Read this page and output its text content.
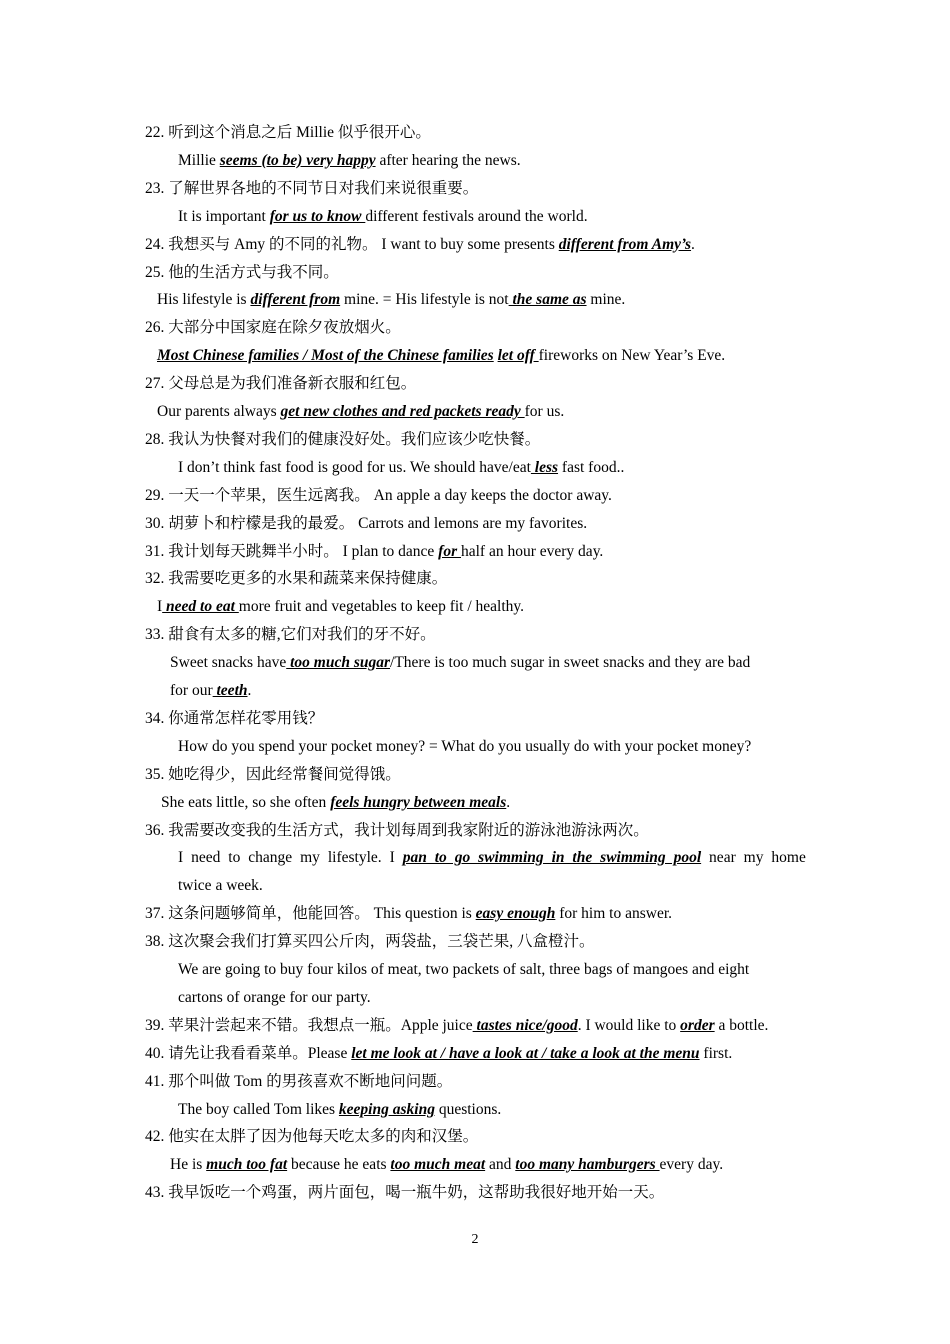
22. 听到这个消息之后 Millie 似乎很开心。
Millie seems (to be) very happy after hearing the news.
23. 了解世界各地的不同节日对我们来说很重要。
It is important for us to know different festivals around the world.
24. 我想买与 Amy 的不同的礼物。 I want to buy some presents different from Amy’s.
25. 他的生活方式与我不同。
His lifestyle is different from mine. = His lifestyle is not the same as mine.
26. 大部分中国家庭在除夕夜放烟火。
Most Chinese families / Most of the Chinese families let off fireworks on New Year’s Eve.
27. 父母总是为我们准备新衣服和红包。
Our parents always get new clothes and red packets ready for us.
28. 我认为快餐对我们的健康没好处。我们应该少吃快餐。
I don’t think fast food is good for us. We should have/eat less fast food..
29. 一天一个苹果，医生远离我。 An apple a day keeps the doctor away.
30. 胡萝卜和柠檬是我的最爱。 Carrots and lemons are my favorites.
31. 我计划每天跳舞半小时。 I plan to dance for half an hour every day.
32. 我需要吃更多的水果和蔬菜来保持健康。
I need to eat more fruit and vegetables to keep fit / healthy.
33. 甜食有太多的糖,它们对我们的牙不好。
Sweet snacks have too much sugar/There is too much sugar in sweet snacks and they are bad
for our teeth.
34. 你通常怎样花零用钱？
How do you spend your pocket money? = What do you usually do with your pocket money?
35. 她吃得少，因此经常餐间觉得饿。
She eats little, so she often feels hungry between meals.
36. 我需要改变我的生活方式，我计划每周到我家附近的游泳池游泳两次。
I need to change my lifestyle. I pan to go swimming in the swimming pool near my home
twice a week.
37. 这条问题够简单，他能回答。 This question is easy enough for him to answer.
38. 这次聚会我们打算买四公斤肉，两袋盐，三袋芒果, 八盒橙汁。
We are going to buy four kilos of meat, two packets of salt, three bags of mangoes and eight
cartons of orange for our party.
39. 苹果汁尝起来不错。我想点一瓶。Apple juice tastes nice/good. I would like to order a bottle.
40. 请先让我看看菜单。Please let me look at / have a look at / take a look at the menu first.
41. 那个叫做 Tom 的男孩喜欢不断地问问题。
The boy called Tom likes keeping asking questions.
42. 他实在太胖了因为他每天吃太多的肉和汉堡。
He is much too fat because he eats too much meat and too many hamburgers every day.
43. 我早饭吃一个鸡蛋，两片面包，喝一瓶牛奶，这帮助我很好地开始一天。
2
